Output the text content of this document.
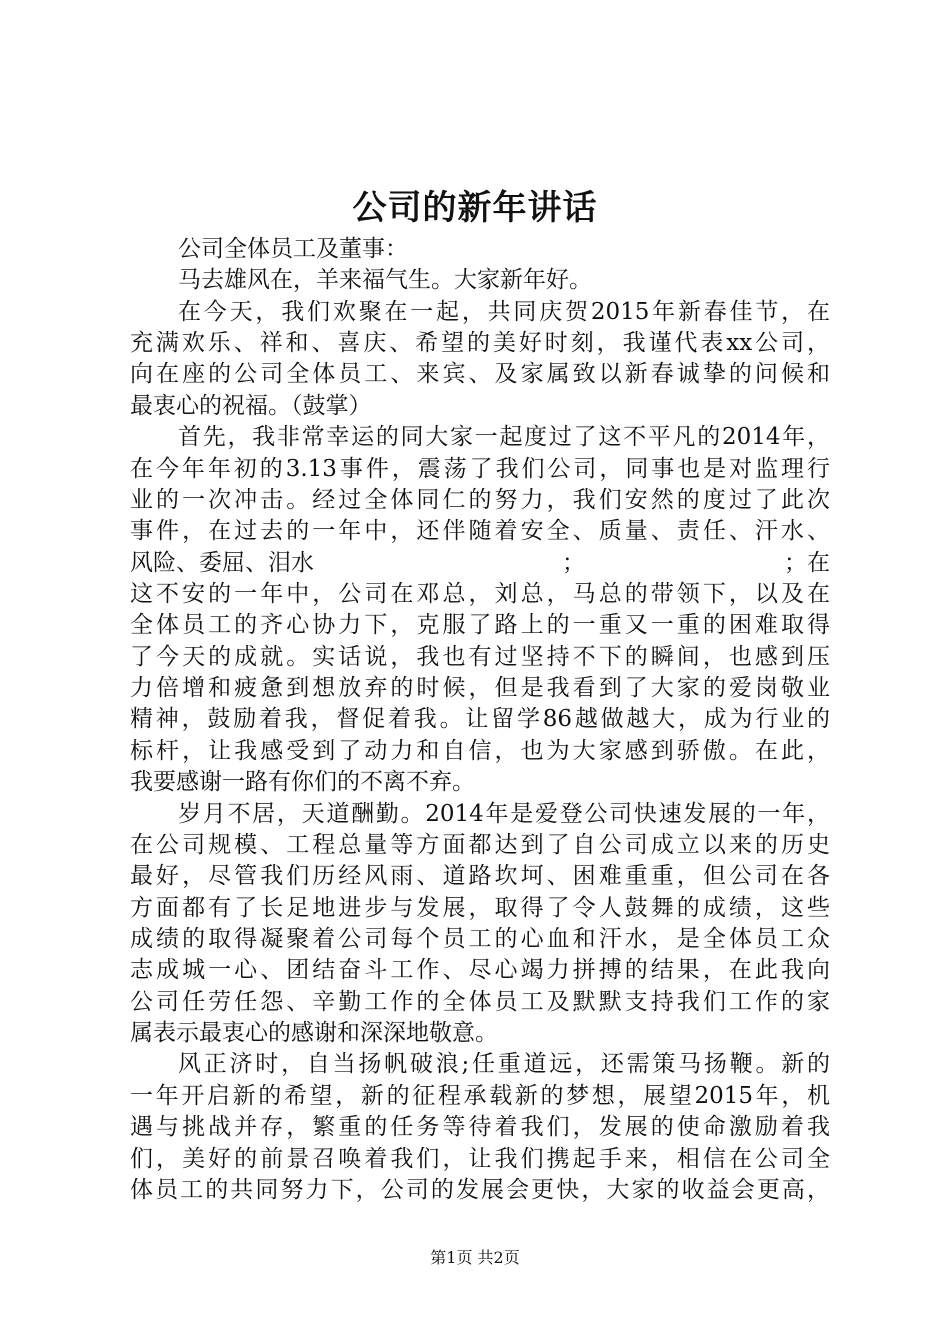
公司的新年讲话
公司全体员工及董事：
马去雄风在，羊来福气生。大家新年好。
在今天，我们欢聚在一起，共同庆贺2015年新春佳节，在
充满欢乐、祥和、喜庆、希望的美好时刻，我谨代表xx公司，
向在座的公司全体员工、来宾、及家属致以新春诚挚的问候和
最衷心的祝福。（鼓掌）
首先，我非常幸运的同大家一起度过了这不平凡的2014年，
在今年年初的3.13事件，震荡了我们公司，同事也是对监理行
业的一次冲击。经过全体同仁的努力，我们安然的度过了此次
事件，在过去的一年中，还伴随着安全、质量、责任、汗水、
风险、委屈、泪水	；	；在
这不安的一年中，公司在邓总，刘总，马总的带领下，以及在
全体员工的齐心协力下，克服了路上的一重又一重的困难取得
了今天的成就。实话说，我也有过坚持不下的瞬间，也感到压
力倍增和疲惫到想放弃的时候，但是我看到了大家的爱岗敬业
精神，鼓励着我，督促着我。让留学86越做越大，成为行业的
标杆，让我感受到了动力和自信，也为大家感到骄傲。在此，
我要感谢一路有你们的不离不弃。
岁月不居，天道酬勤。2014年是爱登公司快速发展的一年，
在公司规模、工程总量等方面都达到了自公司成立以来的历史
最好，尽管我们历经风雨、道路坎坷、困难重重，但公司在各
方面都有了长足地进步与发展，取得了令人鼓舞的成绩，这些
成绩的取得凝聚着公司每个员工的心血和汗水，是全体员工众
志成城一心、团结奋斗工作、尽心竭力拼搏的结果，在此我向
公司任劳任怨、辛勤工作的全体员工及默默支持我们工作的家
属表示最衷心的感谢和深深地敬意。
风正济时，自当扬帆破浪;任重道远，还需策马扬鞭。新的
一年开启新的希望，新的征程承载新的梦想，展望2015年，机
遇与挑战并存，繁重的任务等待着我们，发展的使命激励着我
们，美好的前景召唤着我们，让我们携起手来，相信在公司全
体员工的共同努力下，公司的发展会更快，大家的收益会更高，
第1页 共2页
